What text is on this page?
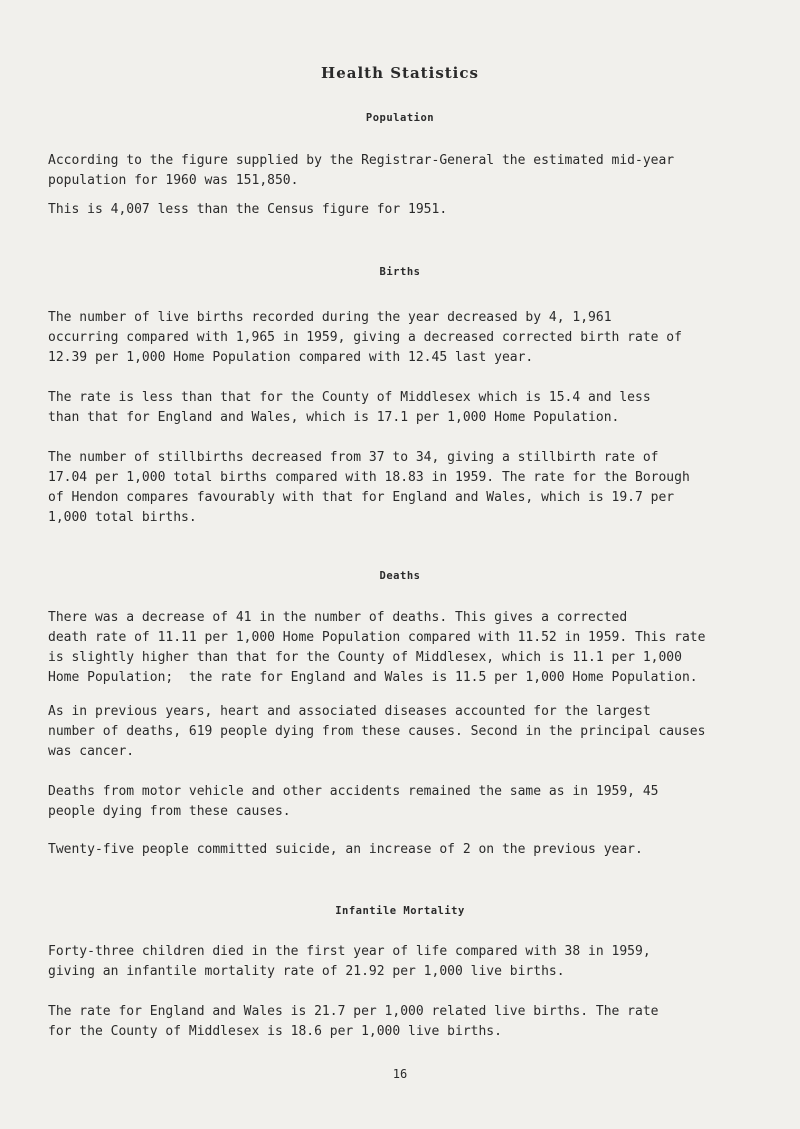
Health Statistics
Population

According to the figure supplied by the Registrar-General the estimated mid-year
population for 1960 was 151,850.

This is 4,007 less than the Census figure for 1951.

Births

The number of live births recorded during the year decreased by 4, 1,961
occurring compared with 1,965 in 1959, giving a decreased corrected birth rate of
12.39 per 1,000 Home Population compared with 12.45 last year.

The rate is less than that for the County of Middlesex which is 15.4 and less
than that for England and Wales, which is 17.1 per 1,000 Home Population.

The number of stillbirths decreased from 37 to 34, giving a stillbirth rate of
17.04 per 1,000 total births compared with 18.83 in 1959. The rate for the Borough
of Hendon compares favourably with that for England and Wales, which is 19.7 per
1,000 total births.

Deaths

There was a decrease of 41 in the number of deaths. This gives a corrected
death rate of 11.11 per 1,000 Home Population compared with 11.52 in 1959. This rate
is slightly higher than that for the County of Middlesex, which is 11.1 per 1,000
Home Population;  the rate for England and Wales is 11.5 per 1,000 Home Population.

As in previous years, heart and associated diseases accounted for the largest
number of deaths, 619 people dying from these causes. Second in the principal causes
was cancer.

Deaths from motor vehicle and other accidents remained the same as in 1959, 45
people dying from these causes.

Twenty-five people committed suicide, an increase of 2 on the previous year.

Infantile Mortality

Forty-three children died in the first year of life compared with 38 in 1959,
giving an infantile mortality rate of 21.92 per 1,000 live births.

The rate for England and Wales is 21.7 per 1,000 related live births. The rate
for the County of Middlesex is 18.6 per 1,000 live births.

16
